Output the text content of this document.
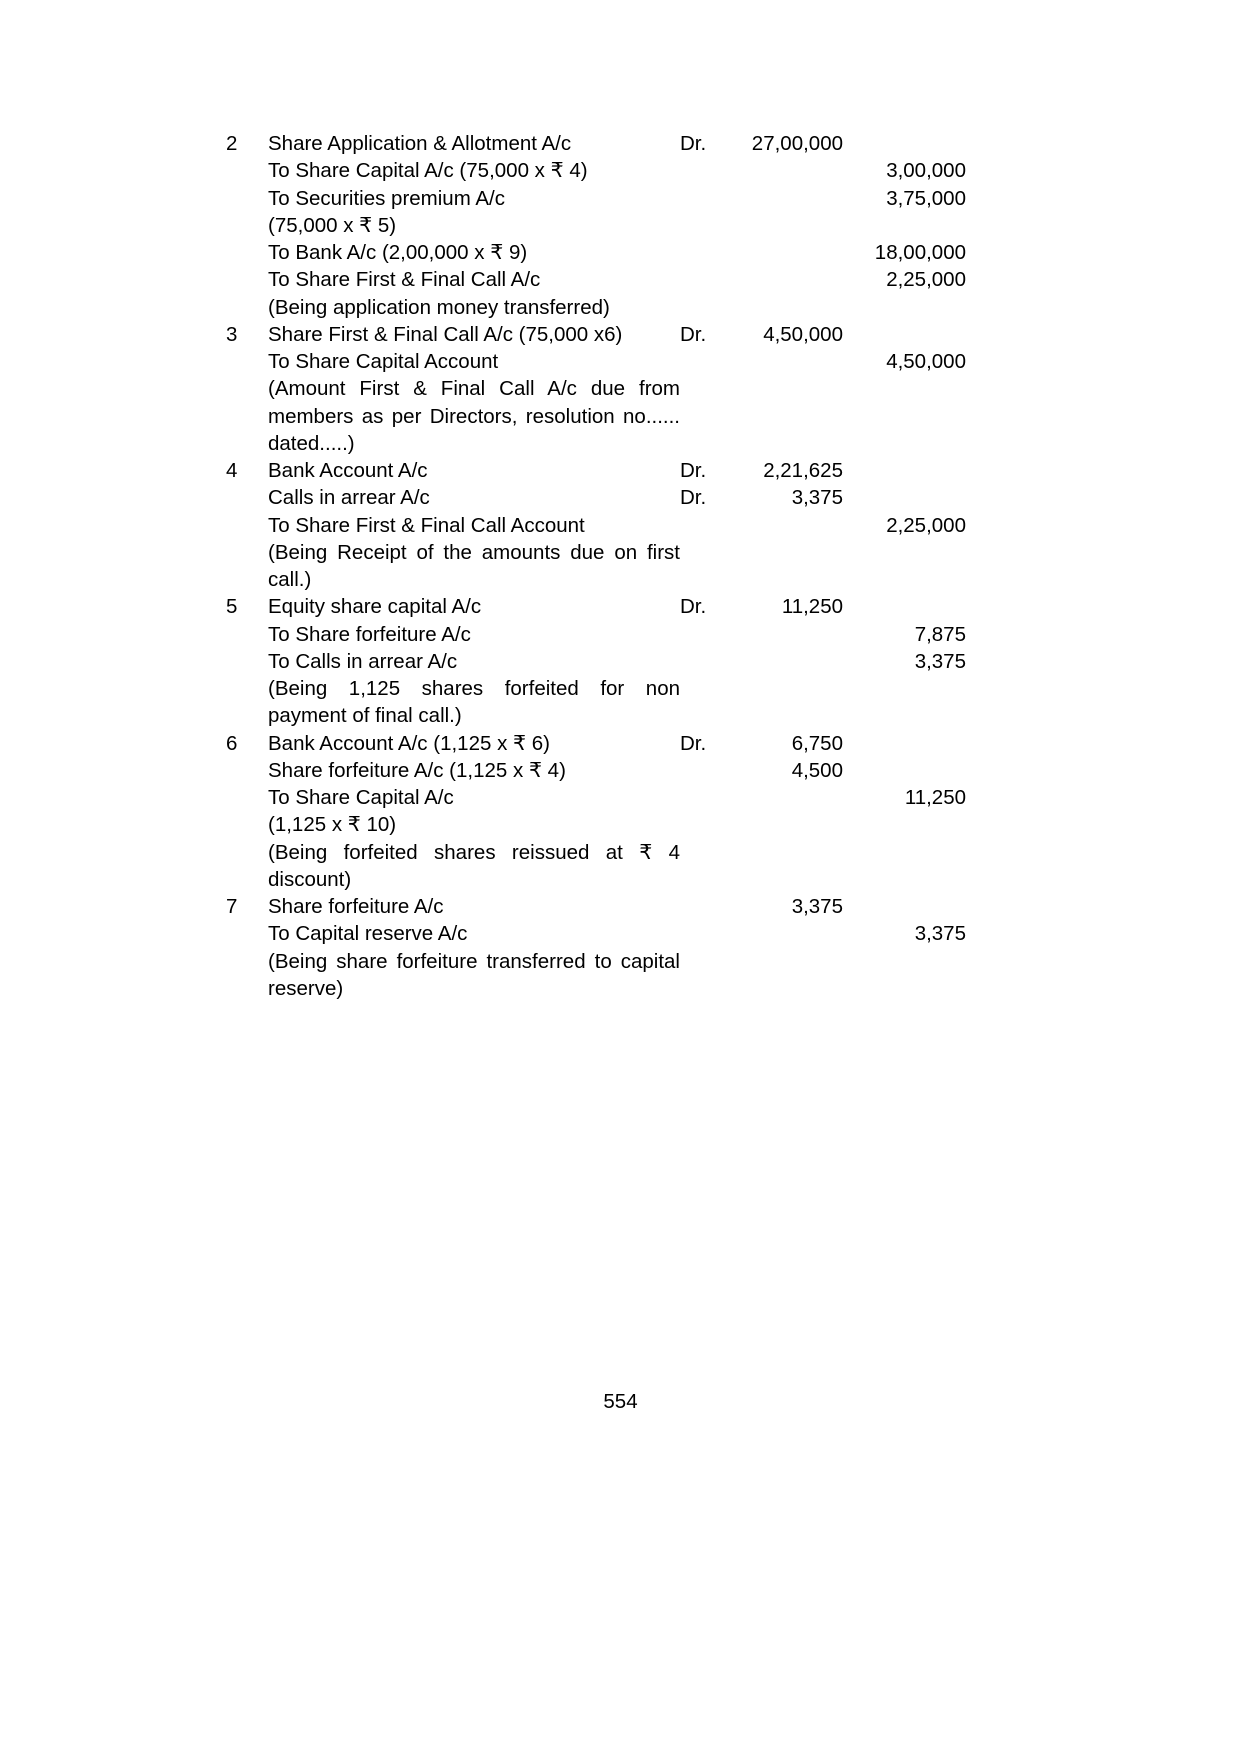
2	Share Application & Allotment A/c	Dr.	27,00,000	
	To Share Capital A/c (75,000 x ₹ 4)			3,00,000
	To Securities premium A/c			3,75,000
	(75,000 x ₹ 5)			
	To Bank A/c (2,00,000 x ₹ 9)			18,00,000
	To Share First & Final Call A/c			2,25,000
	(Being application money transferred)			
3	Share First & Final Call A/c (75,000 x6)	Dr.	4,50,000	
	To Share Capital Account			4,50,000
	(Amount First & Final Call A/c due from members as per Directors, resolution no...... dated.....)			
4	Bank Account A/c	Dr.	2,21,625	
	Calls in arrear A/c	Dr.	3,375	
	To Share First & Final Call Account			2,25,000
	(Being Receipt of the amounts due on first call.)			
5	Equity share capital A/c	Dr.	11,250	
	To Share forfeiture A/c			7,875
	To Calls in arrear A/c			3,375
	(Being 1,125 shares forfeited for non payment of final call.)			
6	Bank Account A/c (1,125 x ₹ 6)	Dr.	6,750	
	Share forfeiture A/c (1,125 x ₹ 4)		4,500	
	To Share Capital A/c			11,250
	(1,125 x ₹ 10)			
	(Being forfeited shares reissued at ₹ 4 discount)			
7	Share forfeiture A/c		3,375	
	To Capital reserve A/c			3,375
	(Being share forfeiture transferred to capital reserve)			
554
